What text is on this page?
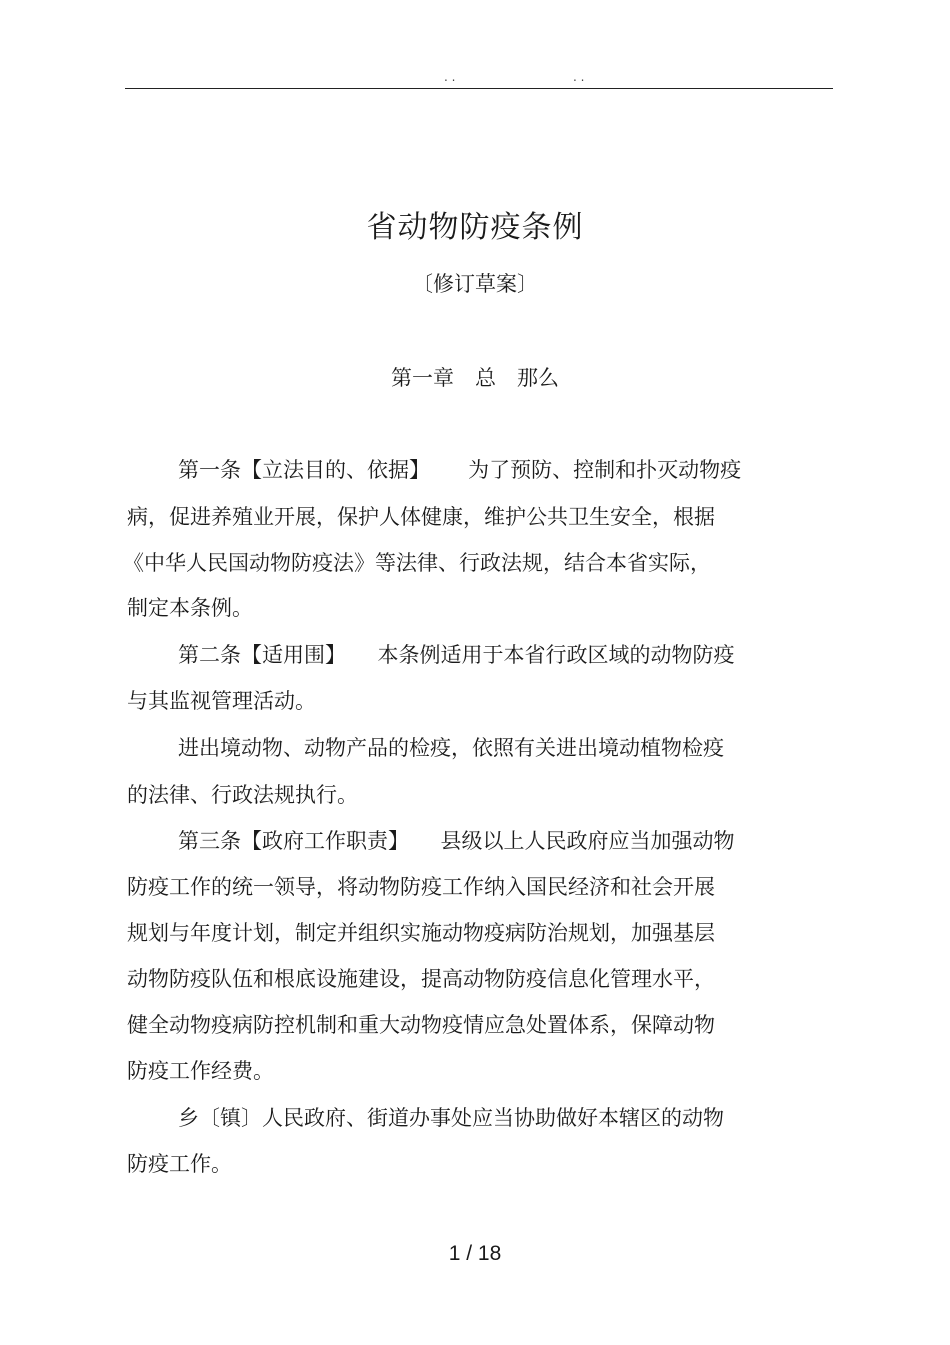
. .	. .
省动物防疫条例
〔修订草案〕
第一章　总　那么
第一条【立法目的、依据】　　 为了预防、控制和扑灭动物疫
病，促进养殖业开展，保护人体健康，维护公共卫生安全，根据
《中华人民国动物防疫法》等法律、行政法规，结合本省实际，
制定本条例。
第二条【适用围】　　本条例适用于本省行政区域的动物防疫
与其监视管理活动。
进出境动物、动物产品的检疫，依照有关进出境动植物检疫
的法律、行政法规执行。
第三条【政府工作职责】　　县级以上人民政府应当加强动物
防疫工作的统一领导，将动物防疫工作纳入国民经济和社会开展
规划与年度计划，制定并组织实施动物疫病防治规划，加强基层
动物防疫队伍和根底设施建设，提高动物防疫信息化管理水平，
健全动物疫病防控机制和重大动物疫情应急处置体系，保障动物
防疫工作经费。
乡〔镇〕人民政府、街道办事处应当协助做好本辖区的动物
防疫工作。
1 / 18
